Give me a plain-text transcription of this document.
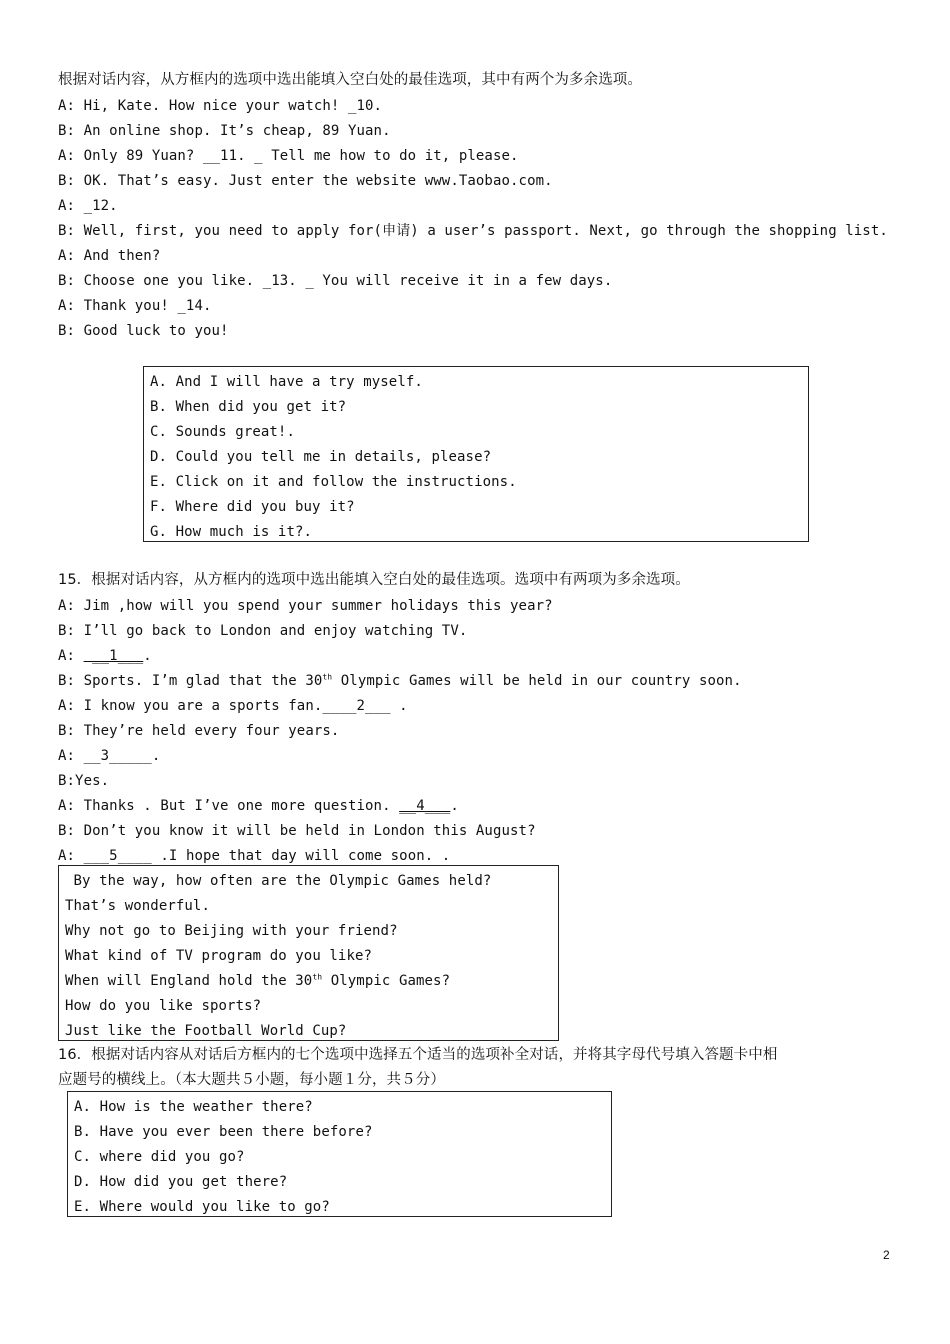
根据对话内容，从方框内的选项中选出能填入空白处的最佳选项，其中有两个为多余选项。
A: Hi, Kate. How nice your watch! _10.
B: An online shop. It’s cheap, 89 Yuan.
A: Only 89 Yuan? __11. _ Tell me how to do it, please.
B: OK. That’s easy. Just enter the website www.Taobao.com.
A: _12.
B: Well, first, you need to apply for(申请) a user’s passport. Next, go through the shopping list.
A: And then?
B: Choose one you like. _13. _ You will receive it in a few days.
A: Thank you! _14.
B: Good luck to you!
A. And I will have a try myself.
B. When did you get it?
C. Sounds great!.
D. Could you tell me in details, please?
E. Click on it and follow the instructions.
F. Where did you buy it?
G. How much is it?.
15．根据对话内容，从方框内的选项中选出能填入空白处的最佳选项。选项中有两项为多余选项。
A: Jim ,how will you spend your summer holidays this year?
B: I’ll go back to London and enjoy watching TV.
A:  __1___.
B: Sports. I’m glad that the 30th Olympic Games will be held in our country soon.
A: I know you are a sports fan.____2___ .
B: They’re held every four years.
A: __3_____.
B:Yes.
A: Thanks . But I’ve one more question. __4___.
B: Don’t you know it will be held in London this August?
A: ___5____ .I hope that day will come soon. .
By the way, how often are the Olympic Games held?
That’s wonderful.
Why not go to Beijing with your friend?
What kind of TV program do you like?
When will England hold the 30th Olympic Games?
How do you like sports?
Just like the Football World Cup?
16．根据对话内容从对话后方框内的七个选项中选择五个适当的选项补全对话，并将其字母代号填入答题卡中相
应题号的横线上。（本大题共５小题，每小题１分，共５分）
A. How is the weather there?
B. Have you ever been there before?
C. where did you go?
D. How did you get there?
E. Where would you like to go?
2
